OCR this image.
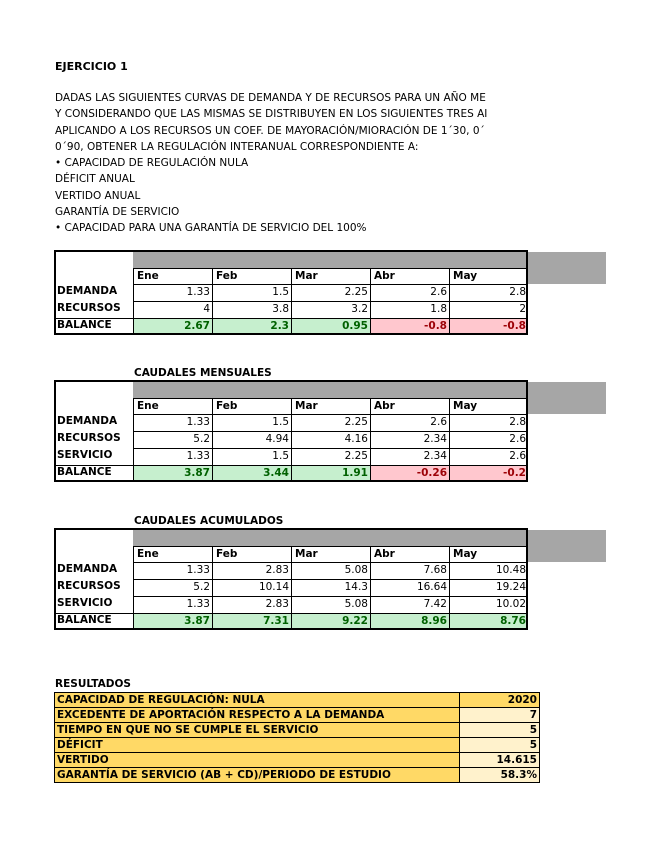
EJERCICIO 1
DADAS LAS SIGUIENTES CURVAS DE DEMANDA Y DE RECURSOS PARA UN AÑO ME
Y CONSIDERANDO QUE LAS MISMAS SE DISTRIBUYEN EN LOS SIGUIENTES TRES AI
APLICANDO A LOS RECURSOS UN COEF. DE MAYORACIÓN/MIORACIÓN DE 1´30, 0´
0´90, OBTENER LA REGULACIÓN INTERANUAL CORRESPONDIENTE A:
• CAPACIDAD DE REGULACIÓN NULA
DÉFICIT ANUAL
VERTIDO ANUAL
GARANTÍA DE SERVICIO
• CAPACIDAD PARA UNA GARANTÍA DE SERVICIO DEL 100%
Ene	Feb	Mar	Abr	May
DEMANDA	1.33	1.5	2.25	2.6	2.8
RECURSOS	4	3.8	3.2	1.8	2
BALANCE	2.67	2.3	0.95	-0.8	-0.8
CAUDALES MENSUALES
Ene	Feb	Mar	Abr	May
DEMANDA	1.33	1.5	2.25	2.6	2.8
RECURSOS	5.2	4.94	4.16	2.34	2.6
SERVICIO	1.33	1.5	2.25	2.34	2.6
BALANCE	3.87	3.44	1.91	-0.26	-0.2
CAUDALES ACUMULADOS
Ene	Feb	Mar	Abr	May
DEMANDA	1.33	2.83	5.08	7.68	10.48
RECURSOS	5.2	10.14	14.3	16.64	19.24
SERVICIO	1.33	2.83	5.08	7.42	10.02
BALANCE	3.87	7.31	9.22	8.96	8.76
RESULTADOS
CAPACIDAD DE REGULACIÓN: NULA	2020
EXCEDENTE DE APORTACIÓN RESPECTO A LA DEMANDA	7
TIEMPO EN QUE NO SE CUMPLE EL SERVICIO	5
DÉFICIT	5
VERTIDO	14.615
GARANTÍA DE SERVICIO (AB + CD)/PERIODO DE ESTUDIO	58.3%
